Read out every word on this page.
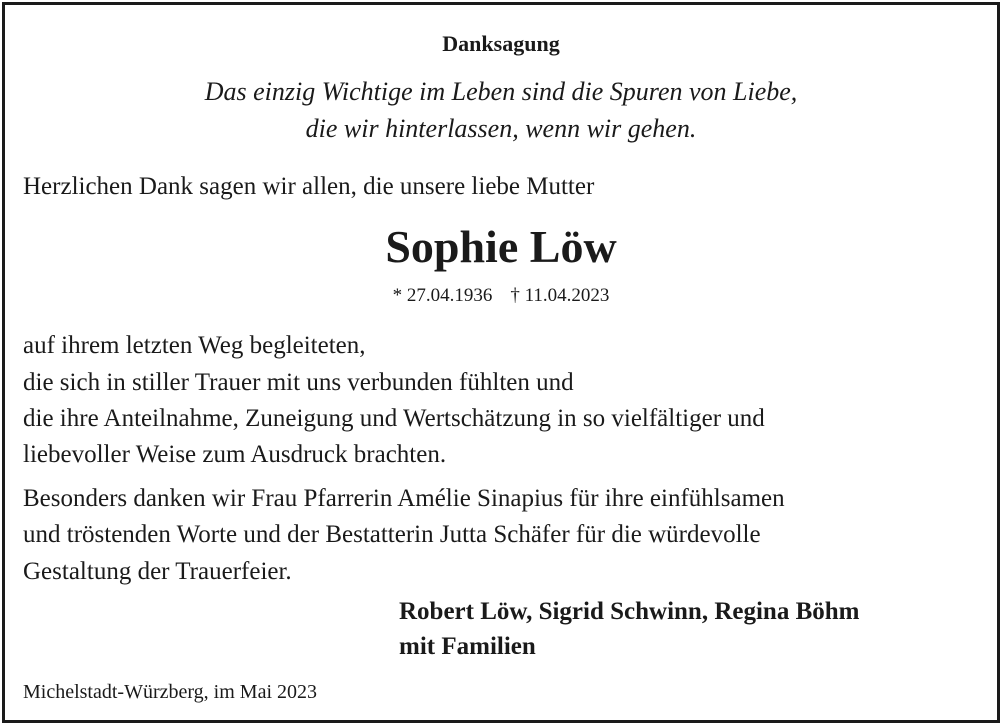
Danksagung
Das einzig Wichtige im Leben sind die Spuren von Liebe,
die wir hinterlassen, wenn wir gehen.
Herzlichen Dank sagen wir allen, die unsere liebe Mutter
Sophie Löw
* 27.04.1936 † 11.04.2023
auf ihrem letzten Weg begleiteten,
die sich in stiller Trauer mit uns verbunden fühlten und
die ihre Anteilnahme, Zuneigung und Wertschätzung in so vielfältiger und
liebevoller Weise zum Ausdruck brachten.
Besonders danken wir Frau Pfarrerin Amélie Sinapius für ihre einfühlsamen
und tröstenden Worte und der Bestatterin Jutta Schäfer für die würdevolle
Gestaltung der Trauerfeier.
Robert Löw, Sigrid Schwinn, Regina Böhm
mit Familien
Michelstadt-Würzberg, im Mai 2023
